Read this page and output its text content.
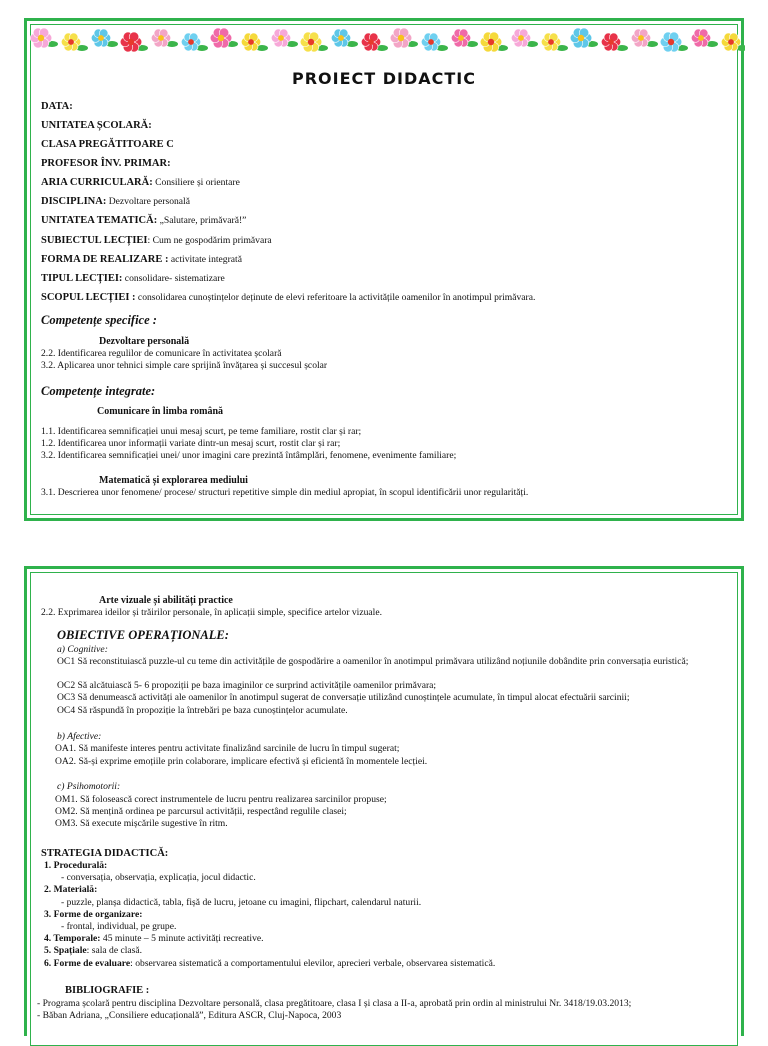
PROIECT DIDACTIC
DATA:
UNITATEA ȘCOLARĂ:
CLASA PREGĂTITOARE C
PROFESOR ÎNV. PRIMAR:
ARIA CURRICULARĂ: Consiliere și orientare
DISCIPLINA: Dezvoltare personală
UNITATEA TEMATICĂ: „Salutare, primăvară!”
SUBIECTUL LECȚIEI: Cum ne gospodărim primăvara
FORMA DE REALIZARE : activitate integrată
TIPUL LECȚIEI: consolidare- sistematizare
SCOPUL LECȚIEI : consolidarea cunoștințelor deținute de elevi referitoare la activitățile oamenilor în anotimpul primăvara.
Competențe specifice :
Dezvoltare personală
2.2. Identificarea regulilor de comunicare în activitatea școlară
3.2. Aplicarea unor tehnici simple care sprijină învățarea și succesul școlar
Competențe integrate:
Comunicare în limba română
1.1. Identificarea semnificației unui mesaj scurt, pe teme familiare, rostit clar și rar;
1.2. Identificarea unor informații variate dintr-un mesaj scurt, rostit clar și rar;
3.2. Identificarea semnificației unei/ unor imagini care prezintă întâmplări, fenomene, evenimente familiare;
Matematică și explorarea mediului
3.1. Descrierea unor fenomene/ procese/ structuri repetitive simple din mediul apropiat, în scopul identificării unor regularități.
Arte vizuale și abilități practice
2.2. Exprimarea ideilor și trăirilor personale, în aplicații simple, specifice artelor vizuale.
OBIECTIVE OPERAȚIONALE:
a) Cognitive:
OC1 Să reconstituiască puzzle-ul cu teme din activitățile de gospodărire a oamenilor în anotimpul primăvara utilizând noțiunile dobândite prin conversația euristică;
OC2 Să alcătuiască 5- 6 propoziții pe baza imaginilor ce surprind activitățile oamenilor primăvara;
OC3 Să denumească activități ale oamenilor în anotimpul sugerat de conversație utilizând cunoștințele acumulate, în timpul alocat efectuării sarcinii;
OC4 Să răspundă în propoziție la întrebări pe baza cunoștințelor acumulate.
b) Afective:
OA1. Să manifeste interes pentru activitate finalizând sarcinile de lucru în timpul sugerat;
OA2. Să-și exprime emoțiile prin colaborare, implicare efectivă și eficientă în momentele lecției.
c) Psihomotorii:
OM1. Să folosească corect instrumentele de lucru pentru realizarea sarcinilor propuse;
OM2. Să mențină ordinea pe parcursul activității, respectând regulile clasei;
OM3. Să execute mișcările sugestive în ritm.
STRATEGIA DIDACTICĂ:
1. Procedurală:
- conversația, observația, explicația, jocul didactic.
2. Materială:
- puzzle, planșa didactică, tabla, fișă de lucru, jetoane cu imagini, flipchart, calendarul naturii.
3. Forme de organizare:
- frontal, individual, pe grupe.
4. Temporale: 45 minute – 5 minute activități recreative.
5. Spațiale: sala de clasă.
6. Forme de evaluare: observarea sistematică a comportamentului elevilor, aprecieri verbale, observarea sistematică.
BIBLIOGRAFIE :
- Programa școlară pentru disciplina Dezvoltare personală, clasa pregătitoare, clasa I și clasa a II-a, aprobată prin ordin al ministrului Nr. 3418/19.03.2013;
- Băban Adriana, „Consiliere educațională”, Editura ASCR, Cluj-Napoca, 2003
